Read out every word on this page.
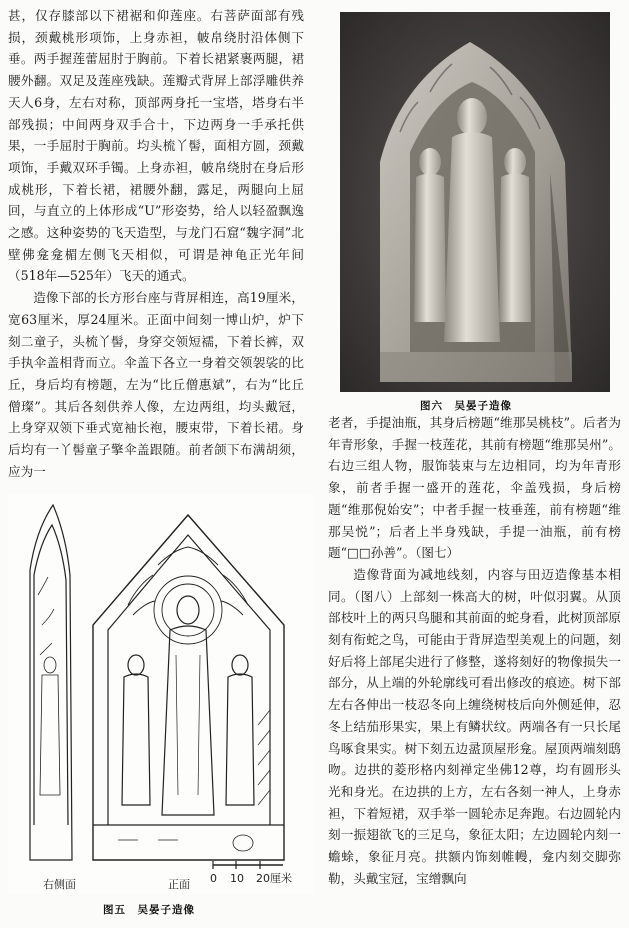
甚，仅存膝部以下裙裾和仰莲座。右菩萨面部有残损，颈戴桃形项饰，上身赤袒，帔帛绕肘沿体侧下垂。两手握莲蕾屈肘于胸前。下着长裙紧裹两腿，裙腰外翻。双足及莲座残缺。莲瓣式背屏上部浮雕供养天人6身，左右对称，顶部两身托一宝塔，塔身右半部残损；中间两身双手合十，下边两身一手承托供果，一手屈肘于胸前。均头梳丫髻，面相方圆，颈戴项饰，手戴双环手镯。上身赤袒，帔帛绕肘在身后形成桃形，下着长裙，裙腰外翻，露足，两腿向上屈回，与直立的上体形成“U”形姿势，给人以轻盈飘逸之感。这种姿势的飞天造型，与龙门石窟“魏字洞”北壁佛龛龛楣左侧飞天相似，可谓是神龟正光年间（518年—525年）飞天的通式。

造像下部的长方形台座与背屏相连，高19厘米，宽63厘米，厚24厘米。正面中间刻一博山炉，炉下刻二童子，头梳丫髻，身穿交领短襦，下着长裤，双手执伞盖相背而立。伞盖下各立一身着交领袈裟的比丘，身后均有榜题，左为“比丘僧惠斌”，右为“比丘僧璨”。其后各刻供养人像，左边两组，均头戴冠，上身穿双领下垂式宽袖长袍，腰束带，下着长裙。身后均有一丫髻童子擎伞盖跟随。前者颌下布满胡须，应为一

图六　吴晏子造像

老者，手提油瓶，其身后榜题“维那吴桃枝”。后者为年青形象，手握一枝莲花，其前有榜题“维那吴州”。右边三组人物，服饰装束与左边相同，均为年青形象，前者手握一盛开的莲花，伞盖残损，身后榜题“维那倪始安”；中者手握一枝垂莲，前有榜题“维那吴悦”；后者上半身残缺，手提一油瓶，前有榜题“□□孙善”。（图七）

造像背面为减地线刻，内容与田迈造像基本相同。（图八）上部刻一株高大的树，叶似羽翼。从顶部枝叶上的两只鸟腿和其前面的蛇身看，此树顶部原刻有衔蛇之鸟，可能由于背屏造型美观上的问题，刻好后将上部尾尖进行了修整，遂将刻好的物像损失一部分，从上端的外轮廓线可看出修改的痕迹。树下部左右各伸出一枝忍冬向上缠绕树枝后向外侧延伸，忍冬上结茄形果实，果上有鳞状纹。两端各有一只长尾鸟啄食果实。树下刻五边盝顶屋形龛。屋顶两端刻鸱吻。边拱的菱形格内刻禅定坐佛12尊，均有圆形头光和身光。在边拱的上方，左右各刻一神人，上身赤袒，下着短裙，双手举一圆轮赤足奔跑。右边圆轮内刻一振翅欲飞的三足乌，象征太阳；左边圆轮内刻一蟾蜍，象征月亮。拱额内饰刻帷幔，龛内刻交脚弥勒，头戴宝冠，宝缯飘向

右侧面	正面 0 10 20厘米
图五　吴晏子造像
